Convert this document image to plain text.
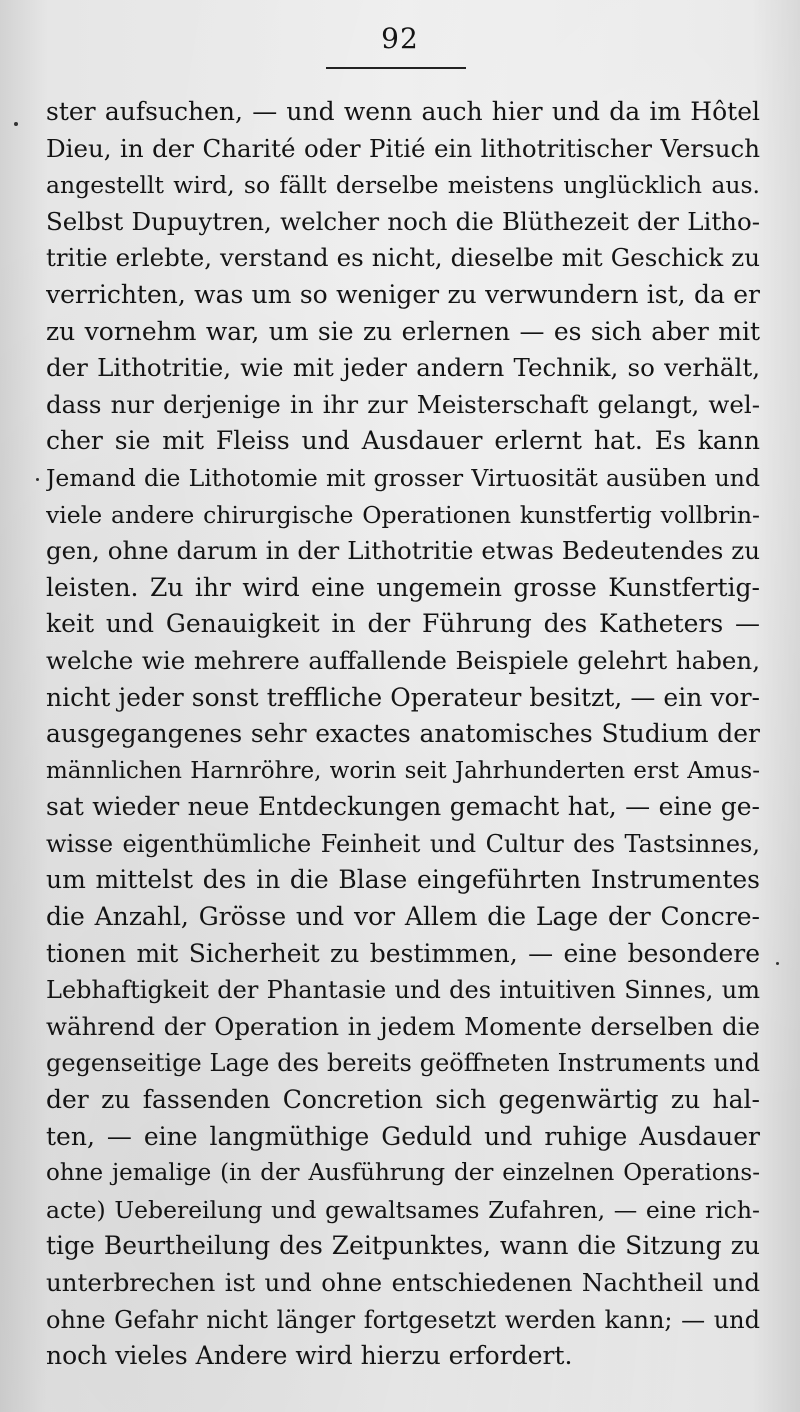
92
ster aufsuchen, — und wenn auch hier und da im Hôtel
Dieu, in der Charité oder Pitié ein lithotritischer Versuch
angestellt wird, so fällt derselbe meistens unglücklich aus.
Selbst Dupuytren, welcher noch die Blüthezeit der Litho-
tritie erlebte, verstand es nicht, dieselbe mit Geschick zu
verrichten, was um so weniger zu verwundern ist, da er
zu vornehm war, um sie zu erlernen — es sich aber mit
der Lithotritie, wie mit jeder andern Technik, so verhält,
dass nur derjenige in ihr zur Meisterschaft gelangt, wel-
cher sie mit Fleiss und Ausdauer erlernt hat. Es kann
Jemand die Lithotomie mit grosser Virtuosität ausüben und
viele andere chirurgische Operationen kunstfertig vollbrin-
gen, ohne darum in der Lithotritie etwas Bedeutendes zu
leisten. Zu ihr wird eine ungemein grosse Kunstfertig-
keit und Genauigkeit in der Führung des Katheters —
welche wie mehrere auffallende Beispiele gelehrt haben,
nicht jeder sonst treffliche Operateur besitzt, — ein vor-
ausgegangenes sehr exactes anatomisches Studium der
männlichen Harnröhre, worin seit Jahrhunderten erst Amus-
sat wieder neue Entdeckungen gemacht hat, — eine ge-
wisse eigenthümliche Feinheit und Cultur des Tastsinnes,
um mittelst des in die Blase eingeführten Instrumentes
die Anzahl, Grösse und vor Allem die Lage der Concre-
tionen mit Sicherheit zu bestimmen, — eine besondere
Lebhaftigkeit der Phantasie und des intuitiven Sinnes, um
während der Operation in jedem Momente derselben die
gegenseitige Lage des bereits geöffneten Instruments und
der zu fassenden Concretion sich gegenwärtig zu hal-
ten, — eine langmüthige Geduld und ruhige Ausdauer
ohne jemalige (in der Ausführung der einzelnen Operations-
acte) Uebereilung und gewaltsames Zufahren, — eine rich-
tige Beurtheilung des Zeitpunktes, wann die Sitzung zu
unterbrechen ist und ohne entschiedenen Nachtheil und
ohne Gefahr nicht länger fortgesetzt werden kann; — und
noch vieles Andere wird hierzu erfordert.
